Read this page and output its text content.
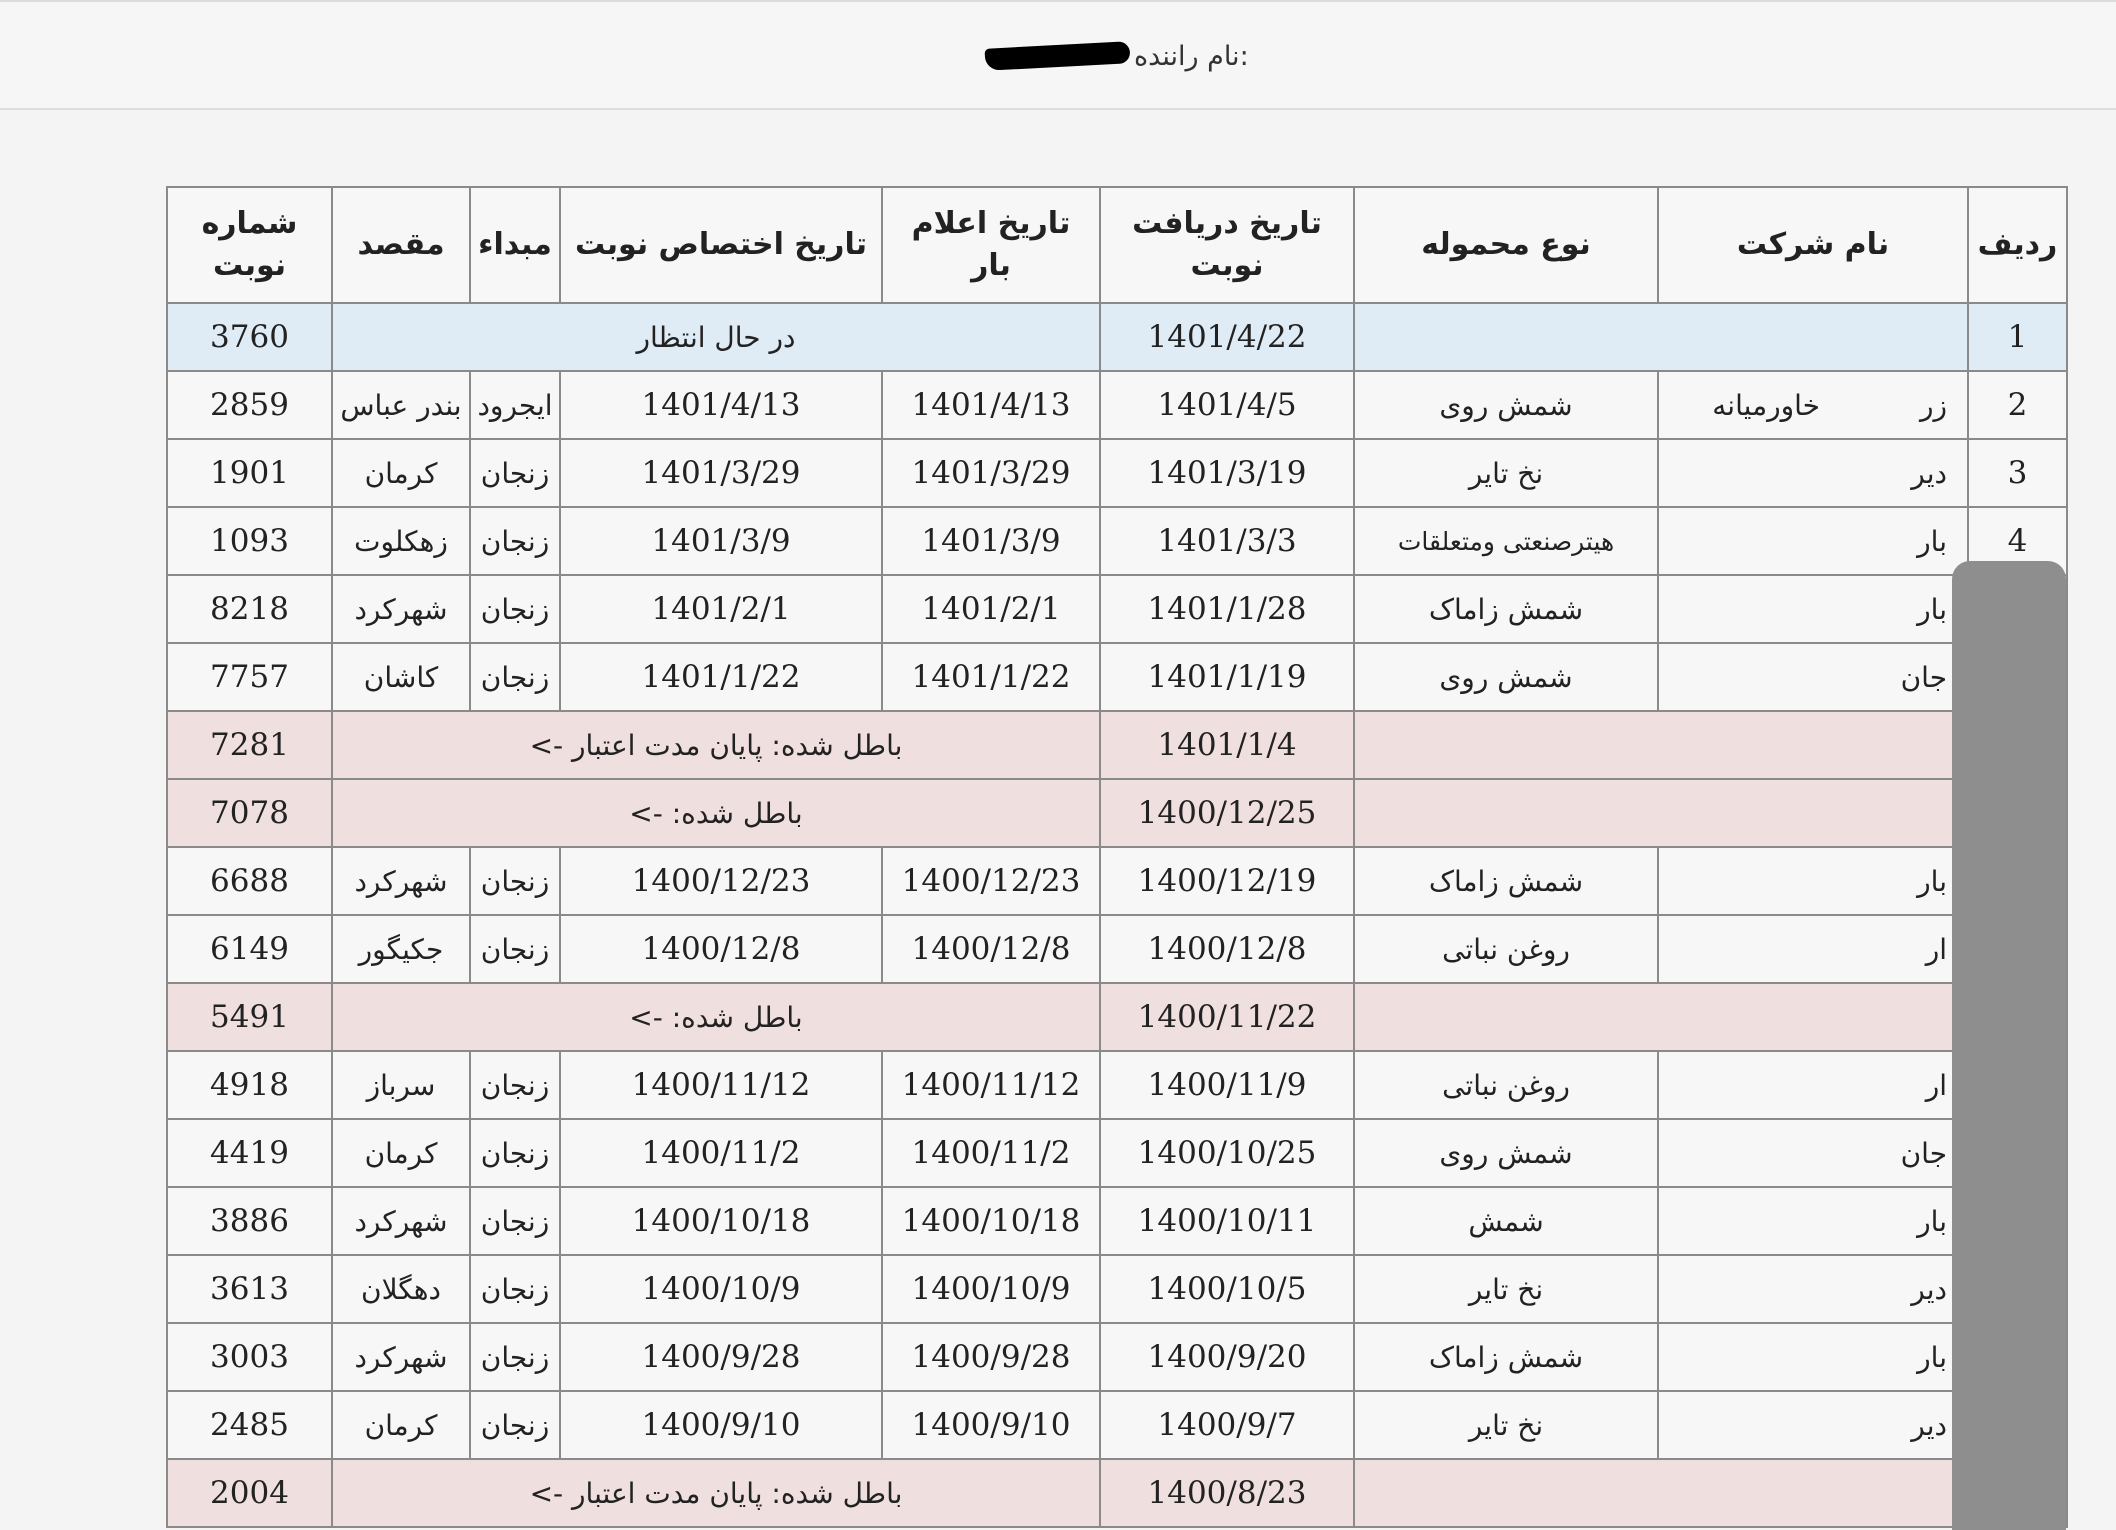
نام راننده:
ردیف	نام شرکت	نوع محموله	تاریخ دریافت نوبت	تاریخ اعلام بار	تاریخ اختصاص نوبت	مبداء	مقصد	شماره نوبت
1			1401/4/22	در حال انتظار				3760
2	زرخاورمیانه	شمش روی	1401/4/5	1401/4/13	1401/4/13	ایجرود	بندر عباس	2859
3	دیر	نخ تایر	1401/3/19	1401/3/29	1401/3/29	زنجان	کرمان	1901
4	بار	هیترصنعتی ومتعلقات	1401/3/3	1401/3/9	1401/3/9	زنجان	زهکلوت	1093
	بار	شمش زاماک	1401/1/28	1401/2/1	1401/2/1	زنجان	شهرکرد	8218
	جان	شمش روی	1401/1/19	1401/1/22	1401/1/22	زنجان	کاشان	7757
		1401/1/4	باطل شده: پایان مدت اعتبار ->				7281
		1400/12/25	باطل شده: ->				7078
	بار	شمش زاماک	1400/12/19	1400/12/23	1400/12/23	زنجان	شهرکرد	6688
	ار	روغن نباتی	1400/12/8	1400/12/8	1400/12/8	زنجان	جکیگور	6149
		1400/11/22	باطل شده: ->				5491
	ار	روغن نباتی	1400/11/9	1400/11/12	1400/11/12	زنجان	سرباز	4918
	جان	شمش روی	1400/10/25	1400/11/2	1400/11/2	زنجان	کرمان	4419
	بار	شمش	1400/10/11	1400/10/18	1400/10/18	زنجان	شهرکرد	3886
	دیر	نخ تایر	1400/10/5	1400/10/9	1400/10/9	زنجان	دهگلان	3613
	بار	شمش زاماک	1400/9/20	1400/9/28	1400/9/28	زنجان	شهرکرد	3003
	دیر	نخ تایر	1400/9/7	1400/9/10	1400/9/10	زنجان	کرمان	2485
		1400/8/23	باطل شده: پایان مدت اعتبار ->				2004
